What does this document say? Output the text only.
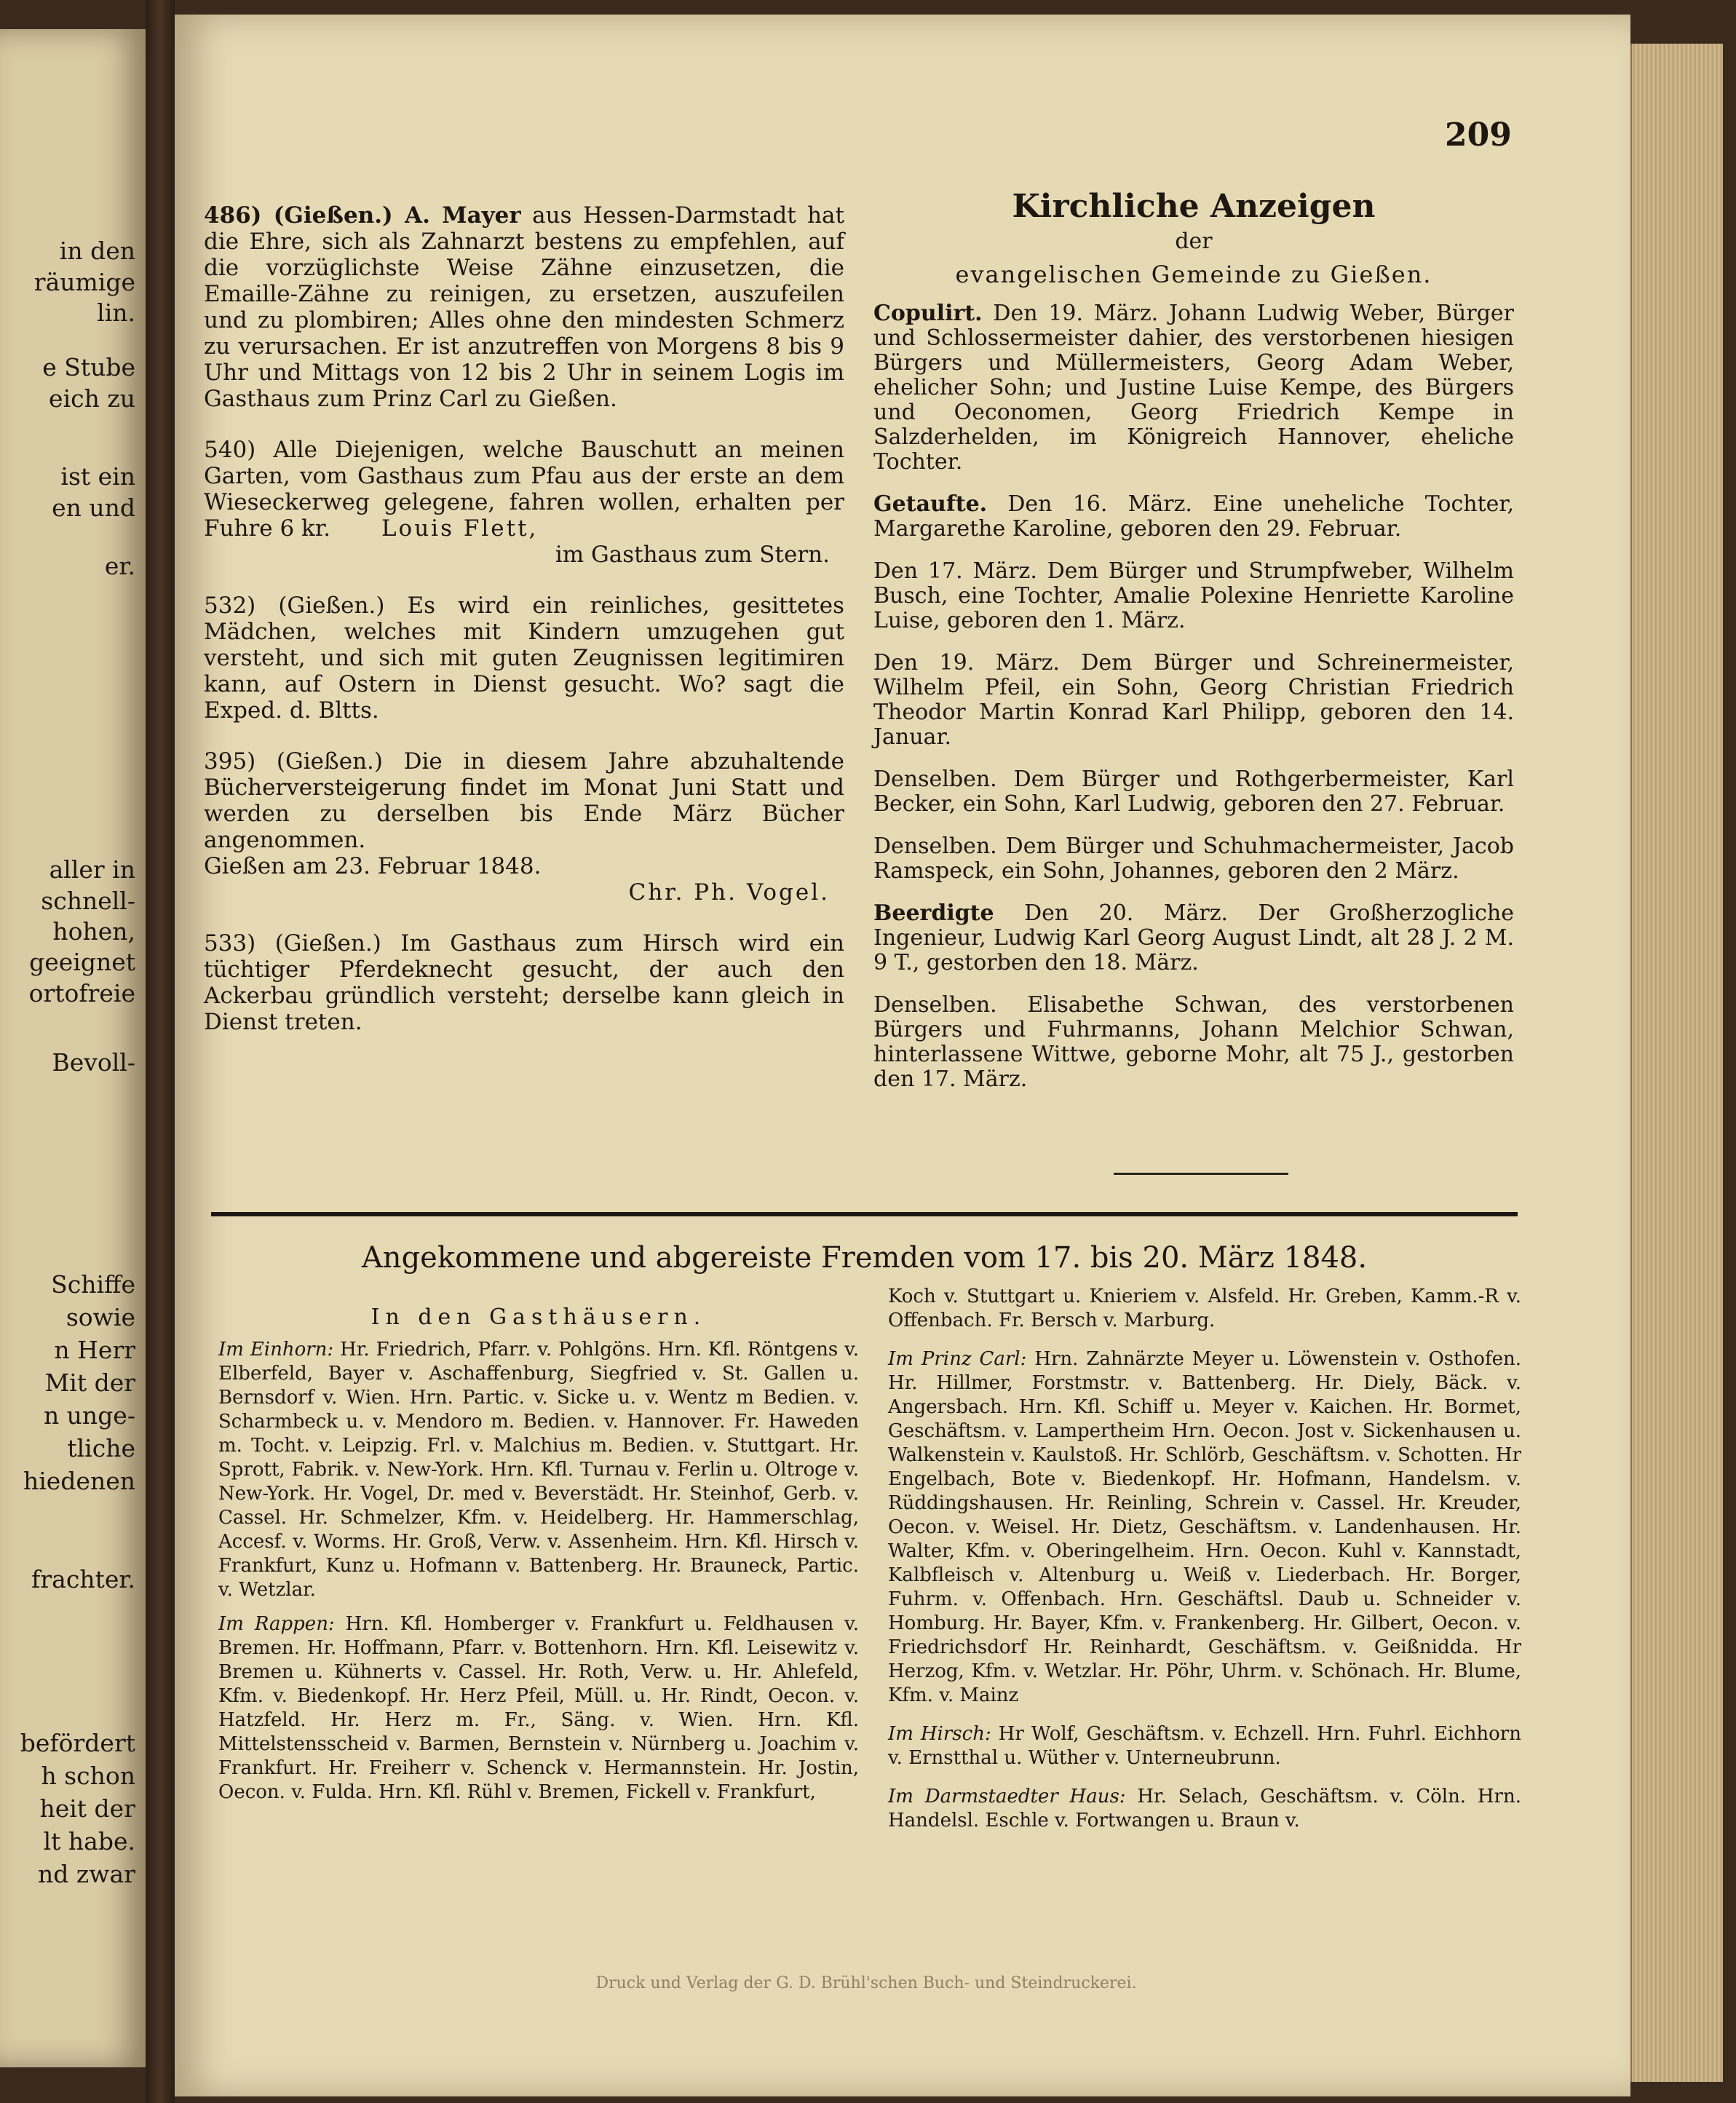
in den
räumige
lin.
e Stube
eich zu
ist ein
en und
er.
aller in
schnell-
hohen,
geeignet
ortofreie
Bevoll-
Schiffe
sowie
n Herr
Mit der
n unge-
tliche
hiedenen
frachter.
befördert
h schon
heit der
lt habe.
nd zwar
209

486) (Gießen.) A. Mayer aus Hessen-Darmstadt hat die Ehre, sich als Zahnarzt bestens zu empfehlen, auf die vorzüglichste Weise Zähne einzusetzen, die Emaille-Zähne zu reinigen, zu ersetzen, auszufeilen und zu plombiren; Alles ohne den mindesten Schmerz zu verursachen. Er ist anzutreffen von Morgens 8 bis 9 Uhr und Mittags von 12 bis 2 Uhr in seinem Logis im Gasthaus zum Prinz Carl zu Gießen.

540) Alle Diejenigen, welche Bauschutt an meinen Garten, vom Gasthaus zum Pfau aus der erste an dem Wieseckerweg gelegene, fahren wollen, erhalten per Fuhre 6 kr. Louis Flett,
im Gasthaus zum Stern.

532) (Gießen.) Es wird ein reinliches, gesittetes Mädchen, welches mit Kindern umzugehen gut versteht, und sich mit guten Zeugnissen legitimiren kann, auf Ostern in Dienst gesucht. Wo? sagt die Exped. d. Bltts.

395) (Gießen.) Die in diesem Jahre abzuhaltende Bücherversteigerung findet im Monat Juni Statt und werden zu derselben bis Ende März Bücher angenommen.
Gießen am 23. Februar 1848.
Chr. Ph. Vogel.

533) (Gießen.) Im Gasthaus zum Hirsch wird ein tüchtiger Pferdeknecht gesucht, der auch den Ackerbau gründlich versteht; derselbe kann gleich in Dienst treten.

Kirchliche Anzeigen
der
evangelischen Gemeinde zu Gießen.

Copulirt. Den 19. März. Johann Ludwig Weber, Bürger und Schlossermeister dahier, des verstorbenen hiesigen Bürgers und Müllermeisters, Georg Adam Weber, ehelicher Sohn; und Justine Luise Kempe, des Bürgers und Oeconomen, Georg Friedrich Kempe in Salzderhelden, im Königreich Hannover, eheliche Tochter.

Getaufte. Den 16. März. Eine uneheliche Tochter, Margarethe Karoline, geboren den 29. Februar.

Den 17. März. Dem Bürger und Strumpfweber, Wilhelm Busch, eine Tochter, Amalie Polexine Henriette Karoline Luise, geboren den 1. März.

Den 19. März. Dem Bürger und Schreinermeister, Wilhelm Pfeil, ein Sohn, Georg Christian Friedrich Theodor Martin Konrad Karl Philipp, geboren den 14. Januar.

Denselben. Dem Bürger und Rothgerbermeister, Karl Becker, ein Sohn, Karl Ludwig, geboren den 27. Februar.

Denselben. Dem Bürger und Schuhmachermeister, Jacob Ramspeck, ein Sohn, Johannes, geboren den 2 März.

Beerdigte Den 20. März. Der Großherzogliche Ingenieur, Ludwig Karl Georg August Lindt, alt 28 J. 2 M. 9 T., gestorben den 18. März.

Denselben. Elisabethe Schwan, des verstorbenen Bürgers und Fuhrmanns, Johann Melchior Schwan, hinterlassene Wittwe, geborne Mohr, alt 75 J., gestorben den 17. März.

Angekommene und abgereiste Fremden vom 17. bis 20. März 1848.
In den Gasthäusern.

Im Einhorn: Hr. Friedrich, Pfarr. v. Pohlgöns. Hrn. Kfl. Röntgens v. Elberfeld, Bayer v. Aschaffenburg, Siegfried v. St. Gallen u. Bernsdorf v. Wien. Hrn. Partic. v. Sicke u. v. Wentz m Bedien. v. Scharmbeck u. v. Mendoro m. Bedien. v. Hannover. Fr. Haweden m. Tocht. v. Leipzig. Frl. v. Malchius m. Bedien. v. Stuttgart. Hr. Sprott, Fabrik. v. New-York. Hrn. Kfl. Turnau v. Ferlin u. Oltroge v. New-York. Hr. Vogel, Dr. med v. Beverstädt. Hr. Steinhof, Gerb. v. Cassel. Hr. Schmelzer, Kfm. v. Heidelberg. Hr. Hammerschlag, Accesf. v. Worms. Hr. Groß, Verw. v. Assenheim. Hrn. Kfl. Hirsch v. Frankfurt, Kunz u. Hofmann v. Battenberg. Hr. Brauneck, Partic. v. Wetzlar.

Im Rappen: Hrn. Kfl. Homberger v. Frankfurt u. Feldhausen v. Bremen. Hr. Hoffmann, Pfarr. v. Bottenhorn. Hrn. Kfl. Leisewitz v. Bremen u. Kühnerts v. Cassel. Hr. Roth, Verw. u. Hr. Ahlefeld, Kfm. v. Biedenkopf. Hr. Herz Pfeil, Müll. u. Hr. Rindt, Oecon. v. Hatzfeld. Hr. Herz m. Fr., Säng. v. Wien. Hrn. Kfl. Mittelstensscheid v. Barmen, Bernstein v. Nürnberg u. Joachim v. Frankfurt. Hr. Freiherr v. Schenck v. Hermannstein. Hr. Jostin, Oecon. v. Fulda. Hrn. Kfl. Rühl v. Bremen, Fickell v. Frankfurt,

Koch v. Stuttgart u. Knieriem v. Alsfeld. Hr. Greben, Kamm.-R v. Offenbach. Fr. Bersch v. Marburg.

Im Prinz Carl: Hrn. Zahnärzte Meyer u. Löwenstein v. Osthofen. Hr. Hillmer, Forstmstr. v. Battenberg. Hr. Diely, Bäck. v. Angersbach. Hrn. Kfl. Schiff u. Meyer v. Kaichen. Hr. Bormet, Geschäftsm. v. Lampertheim Hrn. Oecon. Jost v. Sickenhausen u. Walkenstein v. Kaulstoß. Hr. Schlörb, Geschäftsm. v. Schotten. Hr Engelbach, Bote v. Biedenkopf. Hr. Hofmann, Handelsm. v. Rüddingshausen. Hr. Reinling, Schrein v. Cassel. Hr. Kreuder, Oecon. v. Weisel. Hr. Dietz, Geschäftsm. v. Landenhausen. Hr. Walter, Kfm. v. Oberingelheim. Hrn. Oecon. Kuhl v. Kannstadt, Kalbfleisch v. Altenburg u. Weiß v. Liederbach. Hr. Borger, Fuhrm. v. Offenbach. Hrn. Geschäftsl. Daub u. Schneider v. Homburg. Hr. Bayer, Kfm. v. Frankenberg. Hr. Gilbert, Oecon. v. Friedrichsdorf Hr. Reinhardt, Geschäftsm. v. Geißnidda. Hr Herzog, Kfm. v. Wetzlar. Hr. Pöhr, Uhrm. v. Schönach. Hr. Blume, Kfm. v. Mainz

Im Hirsch: Hr Wolf, Geschäftsm. v. Echzell. Hrn. Fuhrl. Eichhorn v. Ernstthal u. Wüther v. Unterneubrunn.

Im Darmstaedter Haus: Hr. Selach, Geschäftsm. v. Cöln. Hrn. Handelsl. Eschle v. Fortwangen u. Braun v.

Druck und Verlag der G. D. Brühl'schen Buch- und Steindruckerei.
